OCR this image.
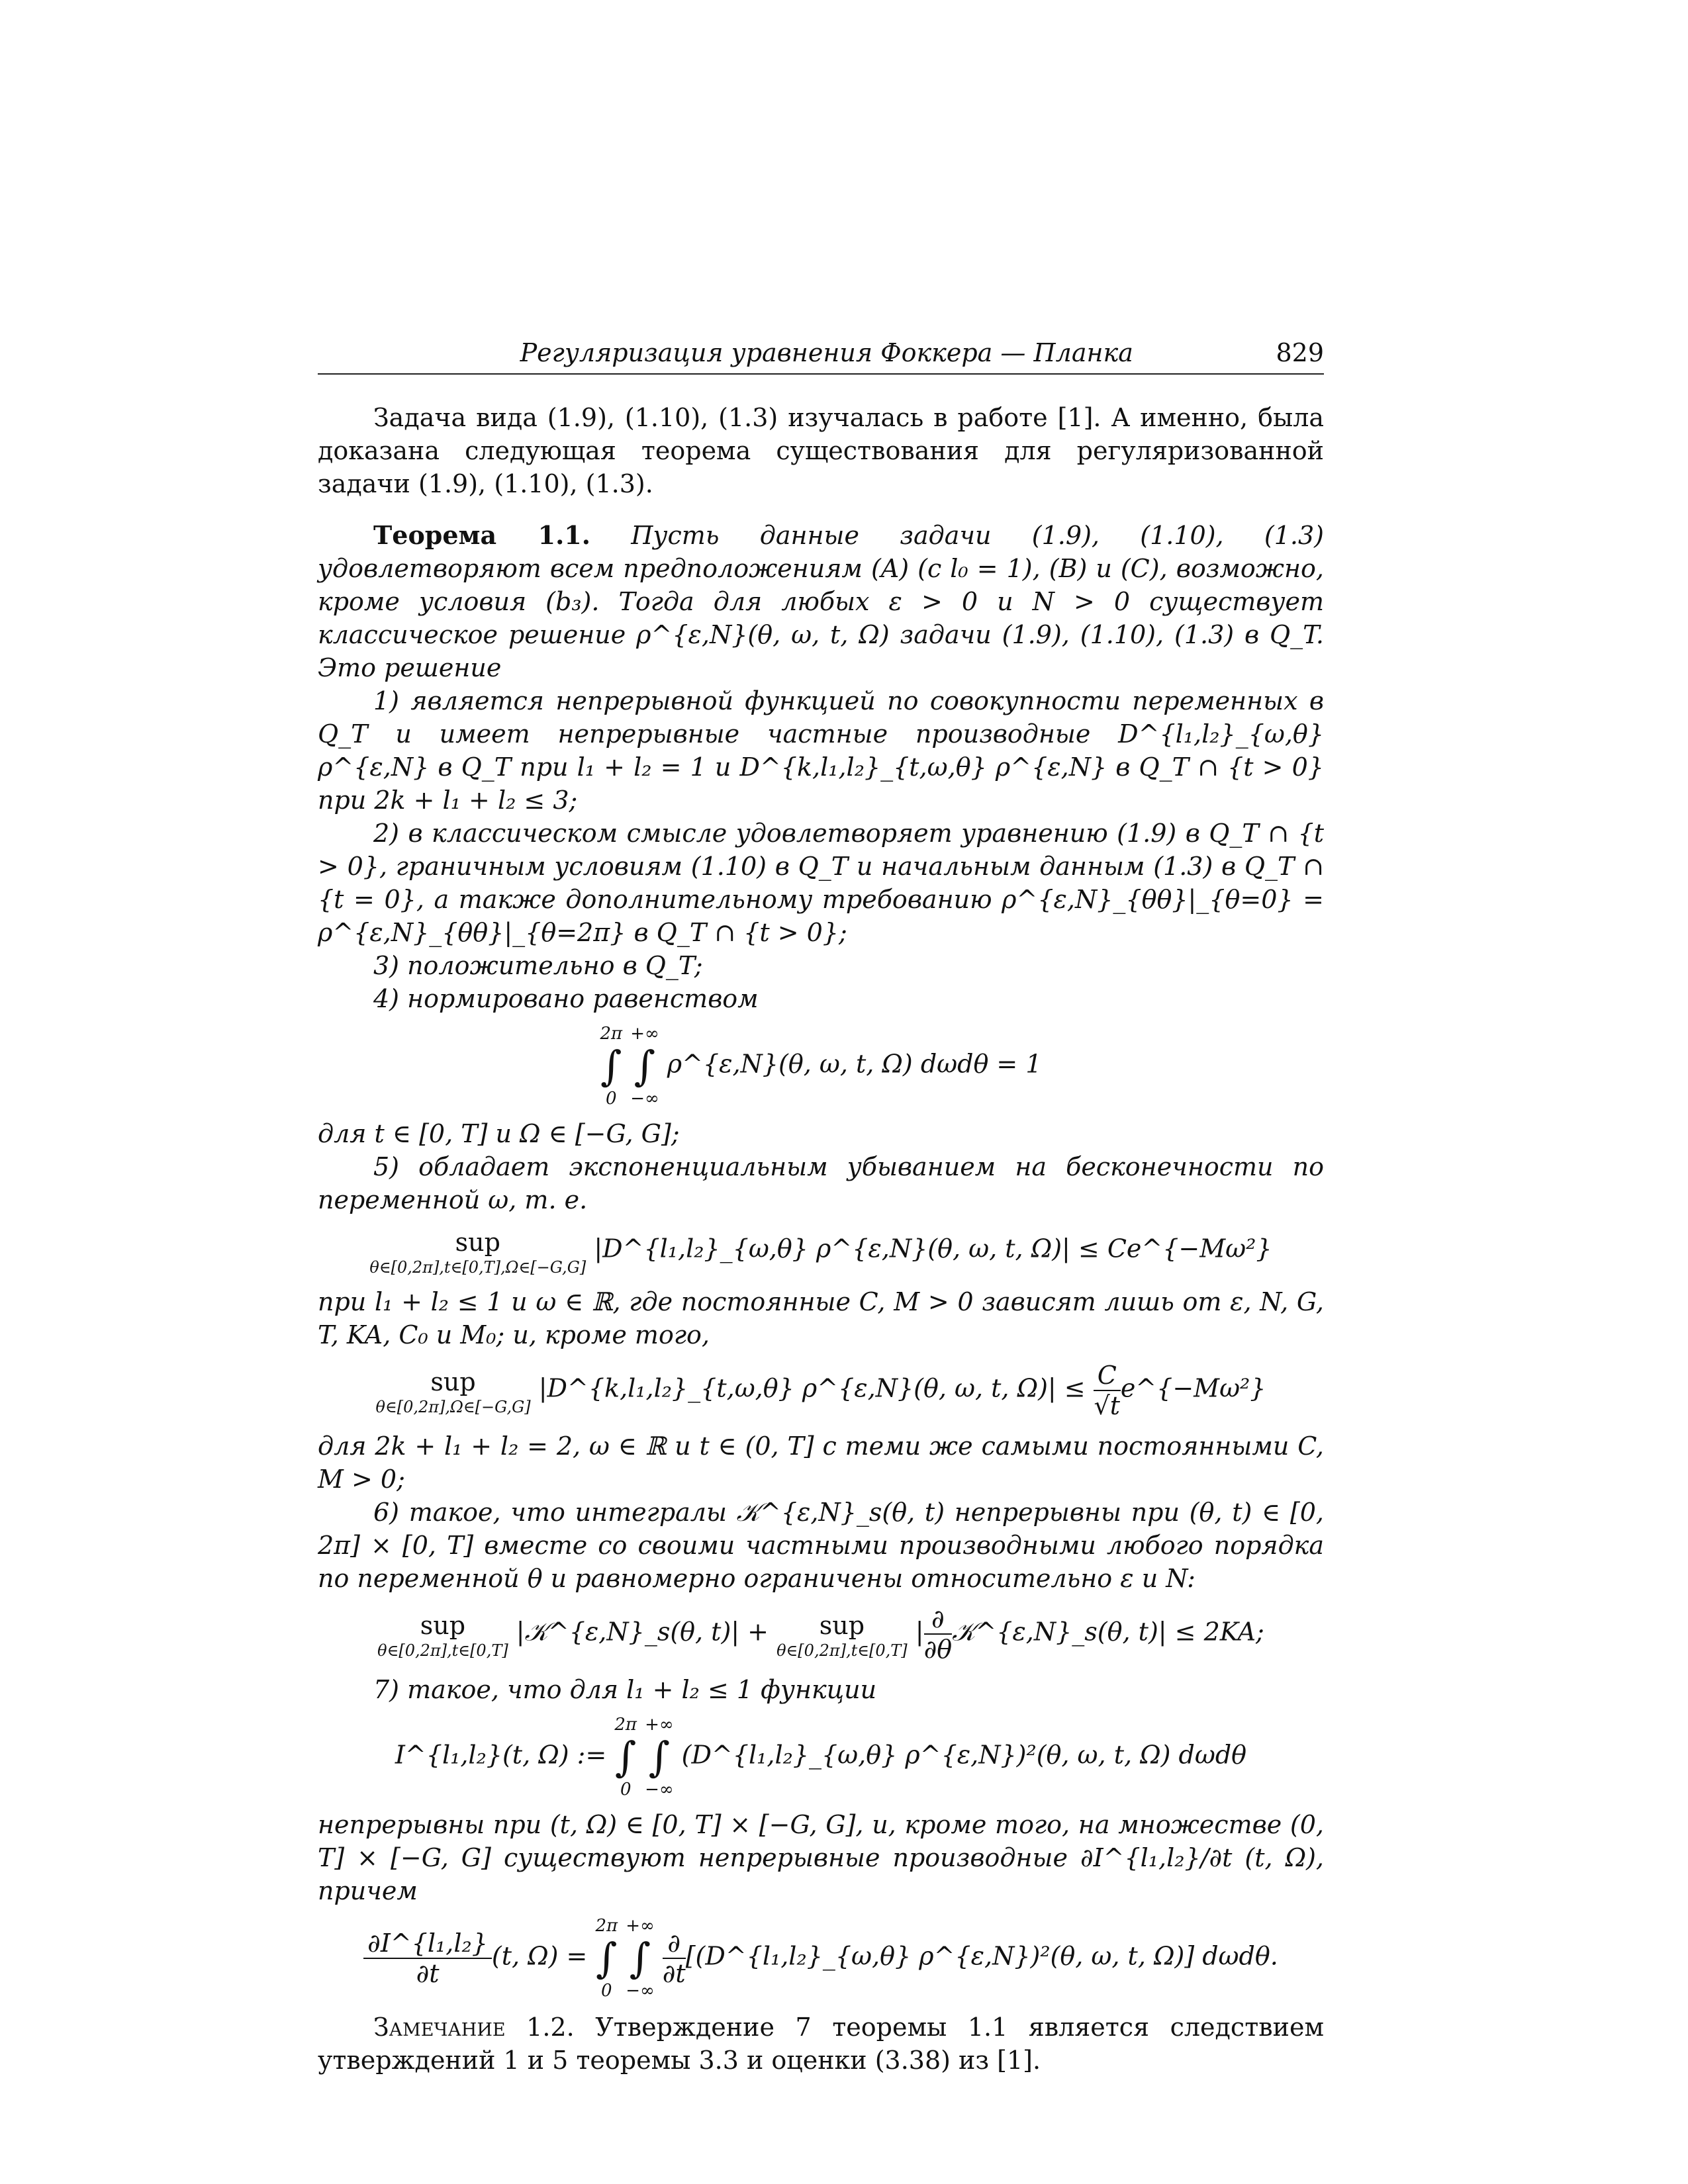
Регуляризация уравнения Фоккера — Планка	829

Задача вида (1.9), (1.10), (1.3) изучалась в работе [1]. А именно, была доказана следующая теорема существования для регуляризованной задачи (1.9), (1.10), (1.3).

Теорема 1.1. Пусть данные задачи (1.9), (1.10), (1.3) удовлетворяют всем предположениям (A) (с l₀ = 1), (B) и (C), возможно, кроме условия (b₃). Тогда для любых ε > 0 и N > 0 существует классическое решение ρ^{ε,N}(θ, ω, t, Ω) задачи (1.9), (1.10), (1.3) в Q_T. Это решение

1) является непрерывной функцией по совокупности переменных в Q_T и имеет непрерывные частные производные D^{l₁,l₂}_{ω,θ} ρ^{ε,N} в Q_T при l₁ + l₂ = 1 и D^{k,l₁,l₂}_{t,ω,θ} ρ^{ε,N} в Q_T ∩ {t > 0} при 2k + l₁ + l₂ ≤ 3;

2) в классическом смысле удовлетворяет уравнению (1.9) в Q_T ∩ {t > 0}, граничным условиям (1.10) в Q_T и начальным данным (1.3) в Q_T ∩ {t = 0}, а также дополнительному требованию ρ^{ε,N}_{θθ}|_{θ=0} = ρ^{ε,N}_{θθ}|_{θ=2π} в Q_T ∩ {t > 0};

3) положительно в Q_T;

4) нормировано равенством

2π
∫
0

+∞
∫
−∞
ρ^{ε,N}(θ, ω, t, Ω) dωdθ = 1

для t ∈ [0, T] и Ω ∈ [−G, G];

5) обладает экспоненциальным убыванием на бесконечности по переменной ω, т. е.

sup
θ∈[0,2π],t∈[0,T],Ω∈[−G,G]
|D^{l₁,l₂}_{ω,θ} ρ^{ε,N}(θ, ω, t, Ω)| ≤ Ce^{−Mω²}

при l₁ + l₂ ≤ 1 и ω ∈ ℝ, где постоянные C, M > 0 зависят лишь от ε, N, G, T, KA, C₀ и M₀; и, кроме того,

sup
θ∈[0,2π],Ω∈[−G,G]
|D^{k,l₁,l₂}_{t,ω,θ} ρ^{ε,N}(θ, ω, t, $\Omega)| \le \frac{C}{√t}$ e^{−Mω²}

для 2k + l₁ + l₂ = 2, ω ∈ ℝ и t ∈ (0, T] с теми же самыми постоянными C, M > 0;

6) такое, что интегралы 𝒦^{ε,N}_s(θ, t) непрерывны при (θ, t) ∈ [0, 2π] × [0, T] вместе со своими частными производными любого порядка по переменной θ и равномерно ограничены относительно ε и N:

sup
θ∈[0,2π],t∈[0,T]
|𝒦^{ε,N}_s(θ, t)| + sup
θ∈[0,2π],t∈[0,T]
| $\frac{\partial}{\partial\theta}$ 𝒦^{ε,N}_s(θ, t)| ≤ 2KA;

7) такое, что для l₁ + l₂ ≤ 1 функции

I^{l₁,l₂}(t, Ω) :=
2π
∫
0

+∞
∫
−∞
(D^{l₁,l₂}_{ω,θ} ρ^{ε,N})²(θ, ω, t, Ω) dωdθ

непрерывны при (t, Ω) ∈ [0, T] × [−G, G], и, кроме того, на множестве (0, T] × [−G, G] существуют непрерывные производные ∂I^{l₁,l₂}/∂t (t, Ω), причем

$\frac{\text{∂I\textasciicircum{}\{l₁,l₂\}}}{\partial t} (t$, Ω) =
2π
∫
0

+∞
∫
−∞

$\frac{\partial}{\partial t}$ [(D^{l₁,l₂}_{ω,θ} ρ^{ε,N})²(θ, ω, t, Ω)] dωdθ.

Замечание 1.2. Утверждение 7 теоремы 1.1 является следствием утверждений 1 и 5 теоремы 3.3 и оценки (3.38) из [1].
